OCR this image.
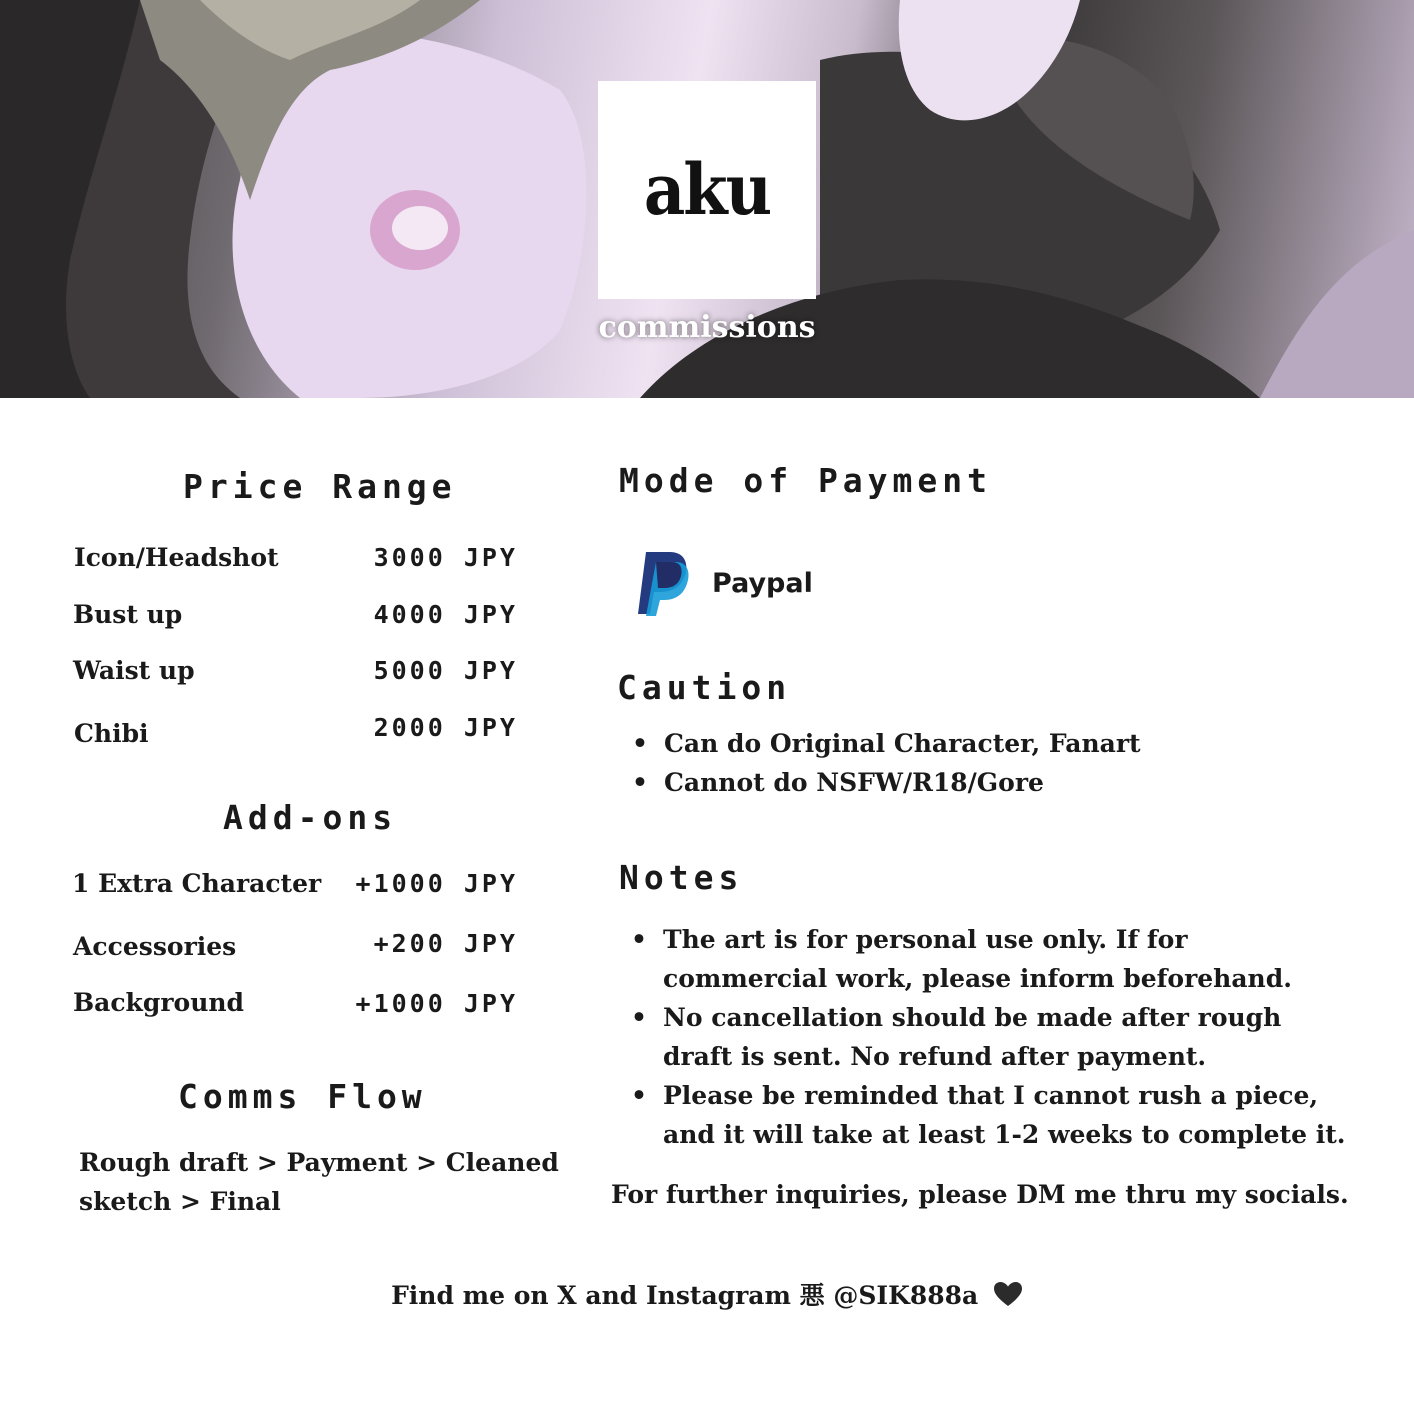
aku
commissions
Price Range
Icon/Headshot	3000 JPY
Bust up	4000 JPY
Waist up	5000 JPY
Chibi	2000 JPY
Add-ons
1 Extra Character	+1000 JPY
Accessories	+200 JPY
Background	+1000 JPY
Comms Flow
Rough draft > Payment > Cleaned sketch > Final
Mode of Payment
Paypal
Caution
• Can do Original Character, Fanart
• Cannot do NSFW/R18/Gore
Notes
• The art is for personal use only. If for commercial work, please inform beforehand.
• No cancellation should be made after rough draft is sent. No refund after payment.
• Please be reminded that I cannot rush a piece, and it will take at least 1-2 weeks to complete it.
For further inquiries, please DM me thru my socials.
Find me on X and Instagram 悪 @SIK888a
